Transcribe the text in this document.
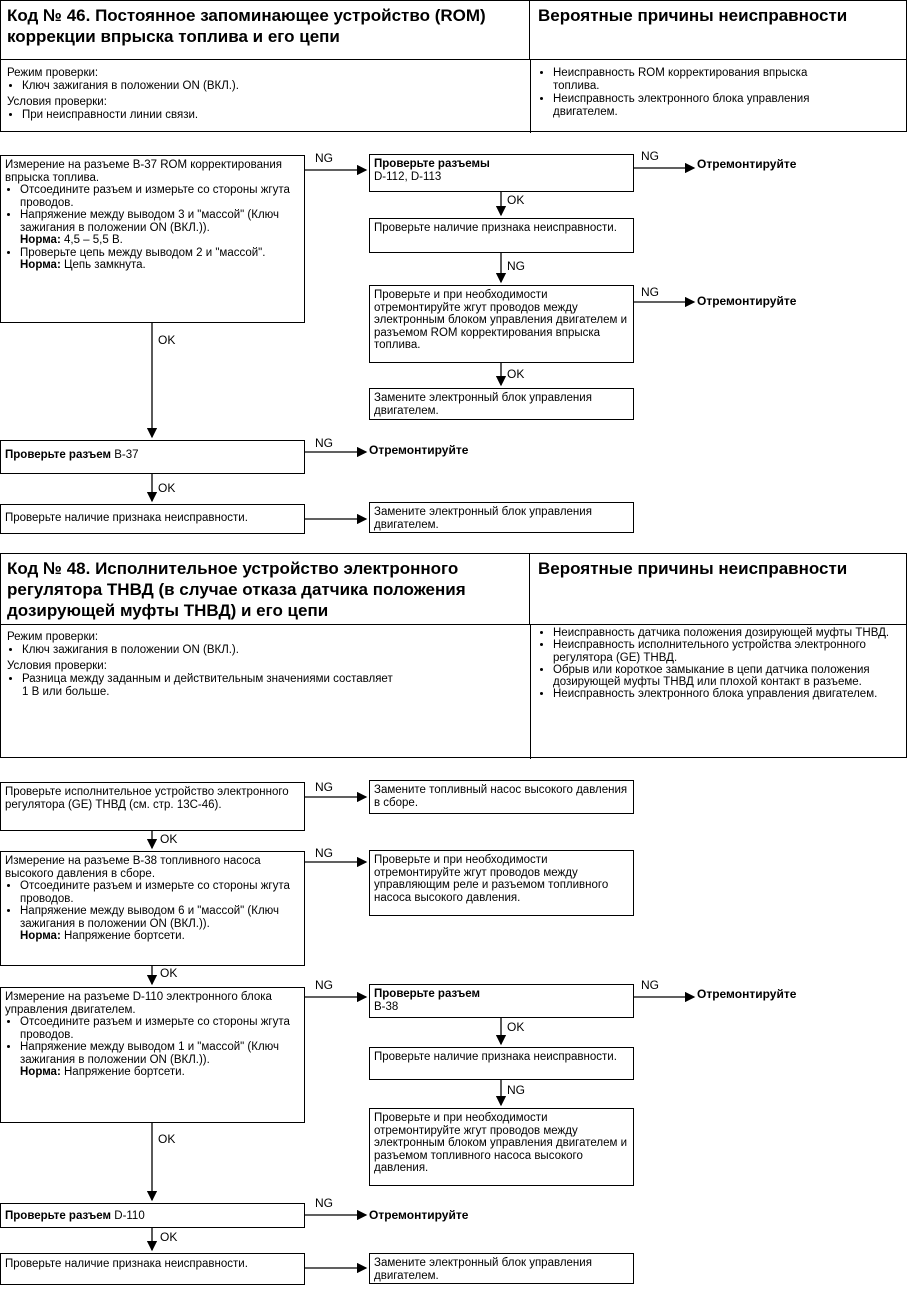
Код № 46. Постоянное запоминающее устройство (ROM) коррекции впрыска топлива и его цепи
Вероятные причины неисправности
Режим проверки:
• Ключ зажигания в положении ON (ВКЛ.).
Условия проверки:
• При неисправности линии связи.
• Неисправность ROM корректирования впрыска топлива.
• Неисправность электронного блока управления двигателем.
Измерение на разъеме B-37 ROM корректирования впрыска топлива.
• Отсоедините разъем и измерьте со стороны жгута проводов.
• Напряжение между выводом 3 и "массой" (Ключ зажигания в положении ON (ВКЛ.)).
Норма: 4,5 – 5,5 В.
• Проверьте цепь между выводом 2 и "массой".
Норма: Цепь замкнута.
Проверьте разъемы
D-112, D-113
Проверьте наличие признака неисправности.
Проверьте и при необходимости отремонтируйте жгут проводов между электронным блоком управления двигателем и разъемом ROM корректирования впрыска топлива.
Замените электронный блок управления двигателем.
Проверьте разъем B-37
Проверьте наличие признака неисправности.	Замените электронный блок управления двигателем.
Отремонтируйте
Отремонтируйте
Отремонтируйте
NG	NG
OK
NG
NG
OK
OK
NG
OK
Код № 48. Исполнительное устройство электронного регулятора ТНВД (в случае отказа датчика положения дозирующей муфты ТНВД) и его цепи
Вероятные причины неисправности
Режим проверки:
• Ключ зажигания в положении ON (ВКЛ.).
Условия проверки:
• Разница между заданным и действительным значениями составляет 1 В или больше.
• Неисправность датчика положения дозирующей муфты ТНВД.
• Неисправность исполнительного устройства электронного регулятора (GE) ТНВД.
• Обрыв или короткое замыкание в цепи датчика положения дозирующей муфты ТНВД или плохой контакт в разъеме.
• Неисправность электронного блока управления двигателем.
Проверьте исполнительное устройство электронного регулятора (GE) ТНВД (см. стр. 13С-46).
Замените топливный насос высокого давления в сборе.
Измерение на разъеме B-38 топливного насоса высокого давления в сборе.
• Отсоедините разъем и измерьте со стороны жгута проводов.
• Напряжение между выводом 6 и "массой" (Ключ зажигания в положении ON (ВКЛ.)).
Норма: Напряжение бортсети.
Проверьте и при необходимости отремонтируйте жгут проводов между управляющим реле и разъемом топливного насоса высокого давления.
Измерение на разъеме D-110 электронного блока управления двигателем.
• Отсоедините разъем и измерьте со стороны жгута проводов.
• Напряжение между выводом 1 и "массой" (Ключ зажигания в положении ON (ВКЛ.)).
Норма: Напряжение бортсети.
Проверьте разъем
B-38
Проверьте наличие признака неисправности.
Проверьте и при необходимости отремонтируйте жгут проводов между электронным блоком управления двигателем и разъемом топливного насоса высокого давления.
Проверьте разъем D-110
Проверьте наличие признака неисправности.	Замените электронный блок управления двигателем.
Отремонтируйте
Отремонтируйте
NG
OK
NG
OK
NG	NG
OK
NG
OK
NG
OK
